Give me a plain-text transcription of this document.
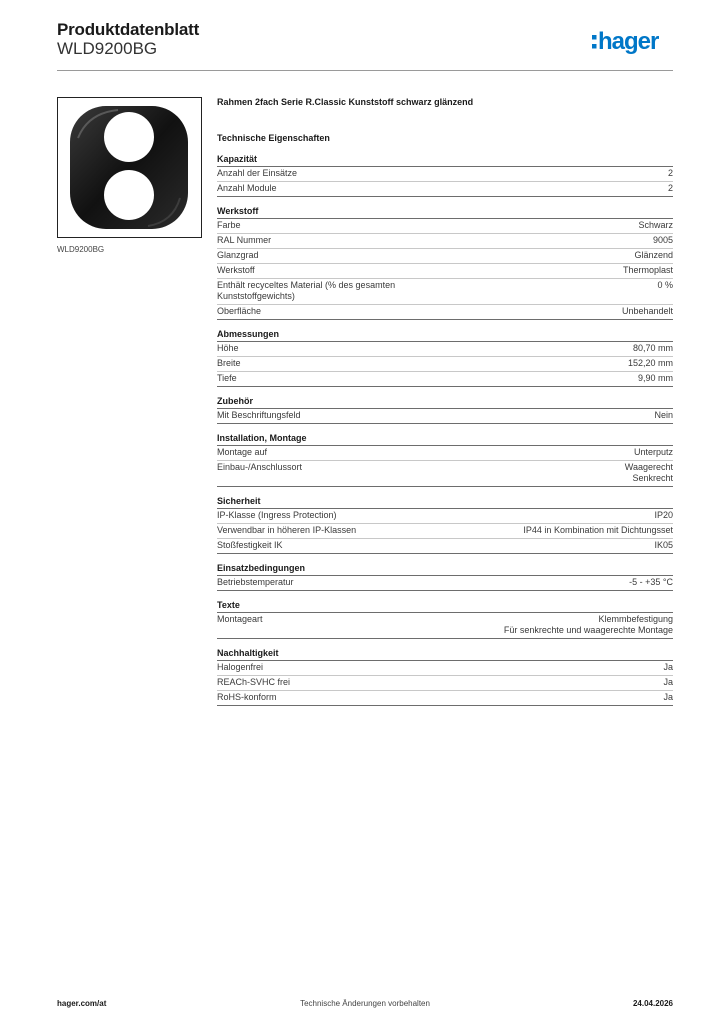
Produktdatenblatt
WLD9200BG	hager
WLD9200BG
Rahmen 2fach Serie R.Classic Kunststoff schwarz glänzend
Technische Eigenschaften
Kapazität
Anzahl der Einsätze	2
Anzahl Module	2
Werkstoff
Farbe	Schwarz
RAL Nummer	9005
Glanzgrad	Glänzend
Werkstoff	Thermoplast
Enthält recyceltes Material (% des gesamten Kunststoffgewichts)
0 %
Oberfläche	Unbehandelt
Abmessungen
Höhe	80,70 mm
Breite	152,20 mm
Tiefe	9,90 mm
Zubehör
Mit Beschriftungsfeld	Nein
Installation, Montage
Montage auf	Unterputz
Einbau-/Anschlussort	Waagerecht
Senkrecht
Sicherheit
IP-Klasse (Ingress Protection)	IP20
Verwendbar in höheren IP-Klassen	IP44 in Kombination mit Dichtungsset
Stoßfestigkeit IK	IK05
Einsatzbedingungen
Betriebstemperatur	-5 - +35 °C
Texte
Montageart	Klemmbefestigung
Für senkrechte und waagerechte Montage
Nachhaltigkeit
Halogenfrei	Ja
REACh-SVHC frei	Ja
RoHS-konform	Ja
hager.com/at	Technische Änderungen vorbehalten	24.04.2026
